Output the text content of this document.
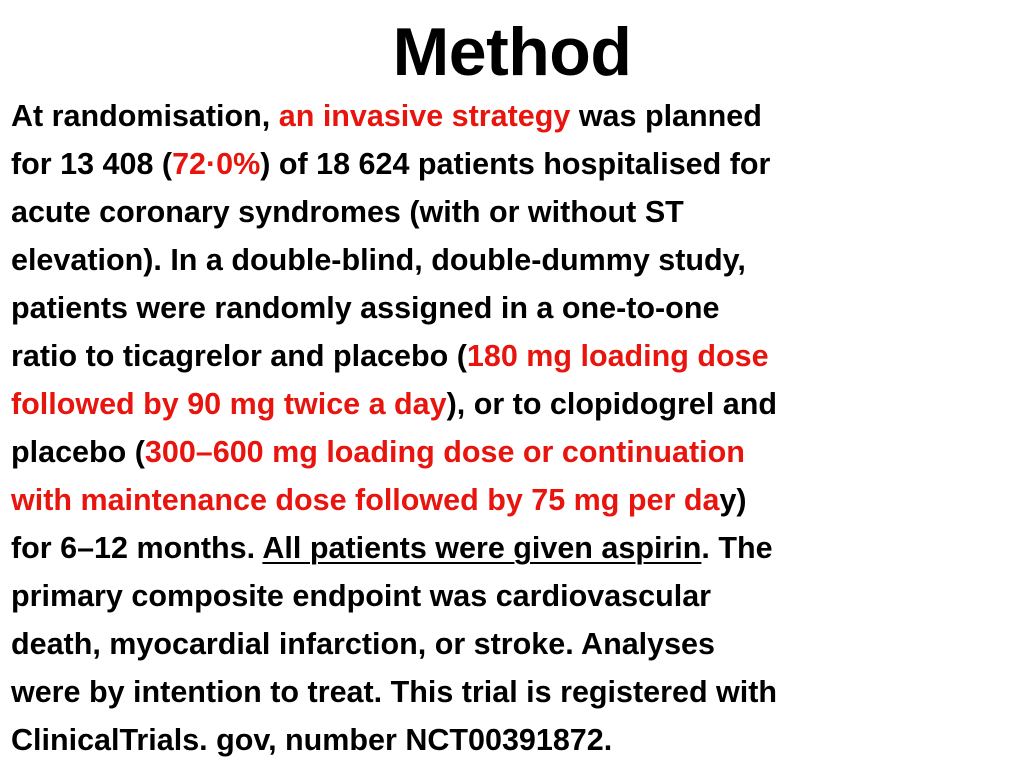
Method
At randomisation, an invasive strategy was planned
for 13 408 (72·0%) of 18 624 patients hospitalised for
acute coronary syndromes (with or without ST
elevation). In a double-blind, double-dummy study,
patients were randomly assigned in a one-to-one
ratio to ticagrelor and placebo (180 mg loading dose
followed by 90 mg twice a day), or to clopidogrel and
placebo (300–600 mg loading dose or continuation
with maintenance dose followed by 75 mg per day)
for 6–12 months. All patients were given aspirin. The
primary composite endpoint was cardiovascular
death, myocardial infarction, or stroke. Analyses
were by intention to treat. This trial is registered with
ClinicalTrials. gov, number NCT00391872.
